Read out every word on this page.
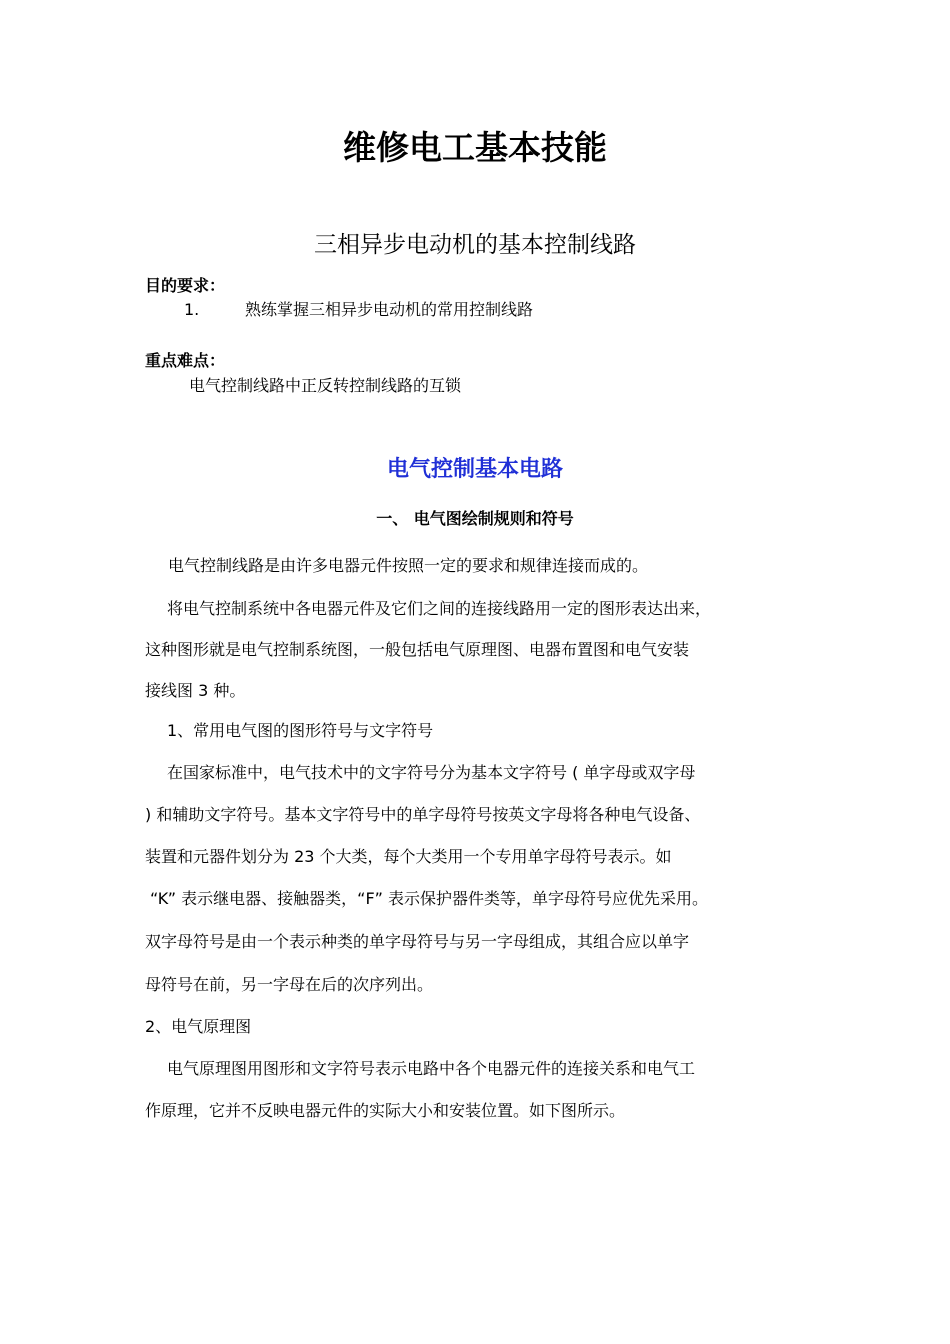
维修电工基本技能
三相异步电动机的基本控制线路
目的要求：
1.	熟练掌握三相异步电动机的常用控制线路
重点难点：
电气控制线路中正反转控制线路的互锁
电气控制基本电路
一、 电气图绘制规则和符号
电气控制线路是由许多电器元件按照一定的要求和规律连接而成的。
将电气控制系统中各电器元件及它们之间的连接线路用一定的图形表达出来，
这种图形就是电气控制系统图，一般包括电气原理图、电器布置图和电气安装
接线图 3 种。
1、常用电气图的图形符号与文字符号
在国家标准中，电气技术中的文字符号分为基本文字符号 ( 单字母或双字母
) 和辅助文字符号。基本文字符号中的单字母符号按英文字母将各种电气设备、
装置和元器件划分为 23 个大类，每个大类用一个专用单字母符号表示。如
“K” 表示继电器、接触器类，“F” 表示保护器件类等，单字母符号应优先采用。
双字母符号是由一个表示种类的单字母符号与另一字母组成，其组合应以单字
母符号在前，另一字母在后的次序列出。
2、电气原理图
电气原理图用图形和文字符号表示电路中各个电器元件的连接关系和电气工
作原理，它并不反映电器元件的实际大小和安装位置。如下图所示。
